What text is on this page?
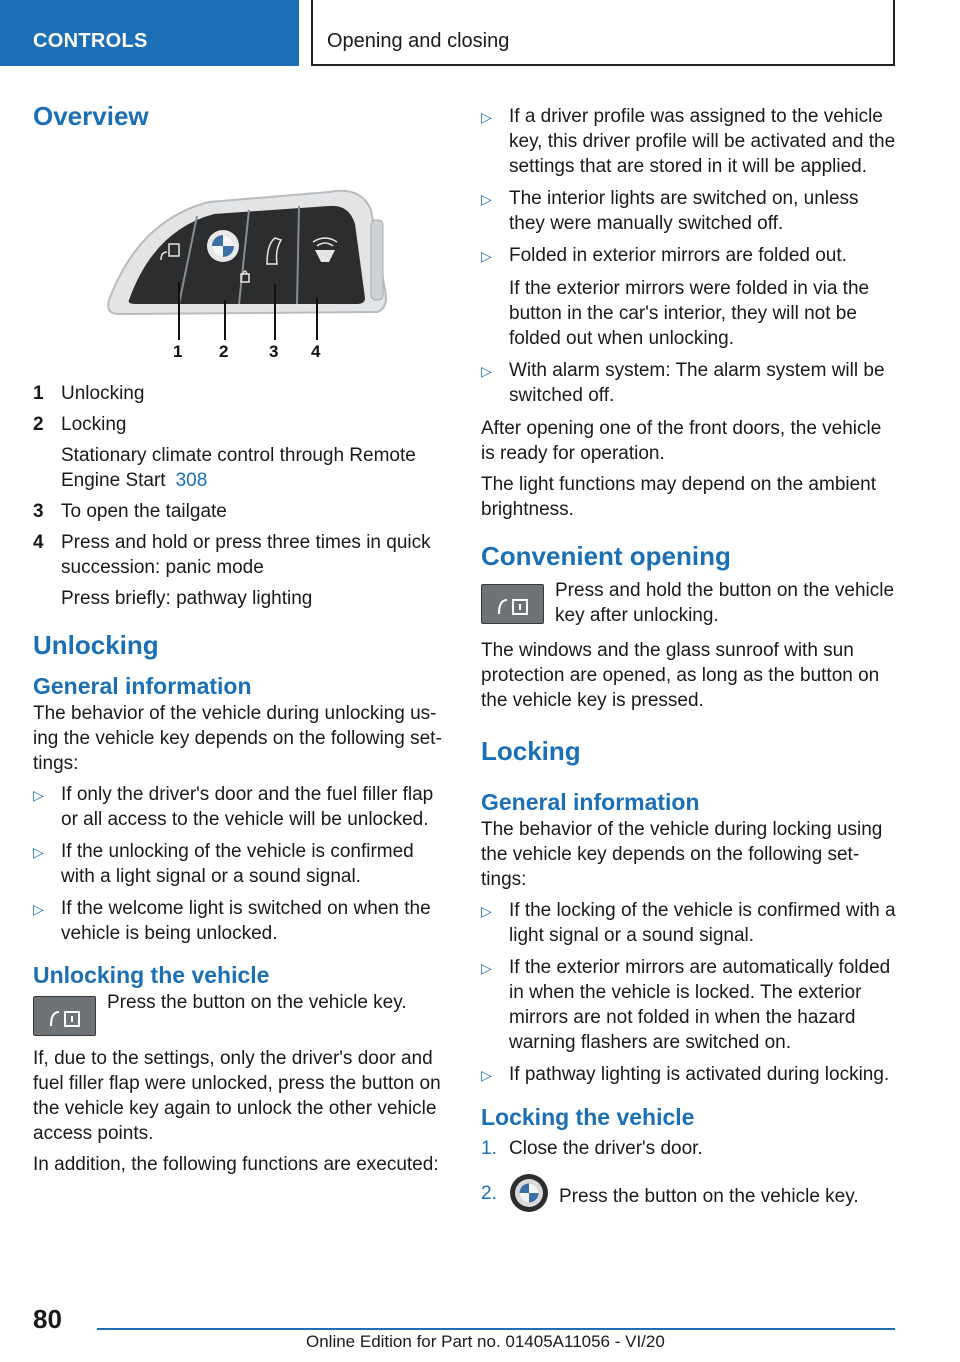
CONTROLS	Opening and closing
Overview
1 2 3 4
1 Unlocking
2 Locking
Stationary climate control through Remote Engine Start 308
3 To open the tailgate
4 Press and hold or press three times in quick succession: panic mode
Press briefly: pathway lighting
Unlocking
General information

The behavior of the vehicle during unlocking using the vehicle key depends on the following settings:

▷ If only the driver's door and the fuel filler flap or all access to the vehicle will be unlocked.
▷ If the unlocking of the vehicle is confirmed with a light signal or a sound signal.
▷ If the welcome light is switched on when the vehicle is being unlocked.
Unlocking the vehicle
Press the button on the vehicle key.

If, due to the settings, only the driver's door and fuel filler flap were unlocked, press the button on the vehicle key again to unlock the other vehicle access points.

In addition, the following functions are executed:

▷ If a driver profile was assigned to the vehicle key, this driver profile will be activated and the settings that are stored in it will be applied.
▷ The interior lights are switched on, unless they were manually switched off.
▷ Folded in exterior mirrors are folded out.
If the exterior mirrors were folded in via the button in the car's interior, they will not be folded out when unlocking.
▷ With alarm system: The alarm system will be switched off.

After opening one of the front doors, the vehicle is ready for operation.

The light functions may depend on the ambient brightness.

Convenient opening
Press and hold the button on the vehicle key after unlocking.

The windows and the glass sunroof with sun protection are opened, as long as the button on the vehicle key is pressed.

Locking
General information

The behavior of the vehicle during locking using the vehicle key depends on the following settings:

▷ If the locking of the vehicle is confirmed with a light signal or a sound signal.
▷ If the exterior mirrors are automatically folded in when the vehicle is locked. The exterior mirrors are not folded in when the hazard warning flashers are switched on.
▷ If pathway lighting is activated during locking.
Locking the vehicle
1. Close the driver's door.
2.	Press the button on the vehicle key.
80
Online Edition for Part no. 01405A11056 - VI/20
